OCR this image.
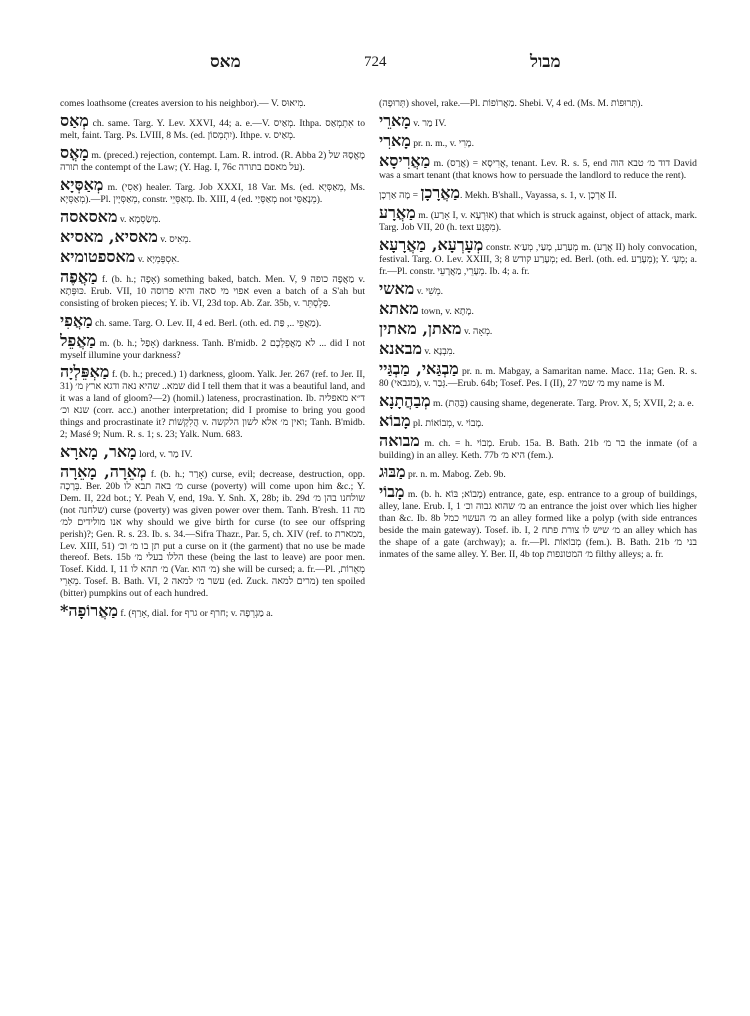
מאס	724	מבול

comes loathsome (creates aversion to his neighbor).— V. מִיאוּס.

מְאַס ch. same. Targ. Y. Lev. XXVI, 44; a. e.—V. מְאַיס. Ithpa. אִתְמְאַס to melt, faint. Targ. Ps. LVIII, 8 Ms. (ed. יִתְמְסוֹן). Ithpe. v. מְאַיס.

מָאֳס m. (preced.) rejection, contempt. Lam. R. introd. (R. Abba 2) מָאֳסָהּ של תורה the contempt of the Law; (Y. Hag. I, 76c על מאסם בתורה).

מְאַסְּיָא m. (אַסִי) healer. Targ. Job XXXI, 18 Var. Ms. (ed. מְאַסְּיָא, Ms. מְאַסְּיָא).—Pl. מְאַסְּיָין, constr. מְאַסְּיֵי. Ib. XIII, 4 (ed. מְאַסְּיַי not מְנָאַסֵּי).

מאסאסה v. מְשַׂסְמָא.

מאסיא, מאסיא v. מְאִיס.

מאספטומיא v. אִסְפְּמְיָא.

מַאֲפֶה f. (b. h.; אָפָה) something baked, batch. Men. V, 9 מַאֲפֶה כופה v. כּוּפְּתָא. Erub. VII, 10 אפוי מי סאה והיא פרוסה even a batch of a S'ah but consisting of broken pieces; Y. ib. VI, 23d top. Ab. Zar. 35b, v. פַּלְסְתֵּר.

מַאֲפִי ch. same. Targ. O. Lev. II, 4 ed. Berl. (oth. ed. מַאֲפֵי .., פַּת).

מַאֲפֵל m. (b. h.; אָפַל) darkness. Tanh. B'midb. 2 לא מַאֲפֵלְכֶם ... did I not myself illumine your darkness?

מַאְפֵּלְיָה f. (b. h.; preced.) 1) darkness, gloom. Yalk. Jer. 267 (ref. to Jer. II, 31) שמא.. שהיא נאה ודגא ארץ מ׳ did I tell them that it was a beautiful land, and it was a land of gloom?—2) (homil.) lateness, procrastination. Ib. ד״א מאפליה שנא וכ׳ (corr. acc.) another interpretation; did I promise to bring you good things and procrastinate it? הֲלִקְשׁוֹת v. ואין מ׳ אלא לשון הלקשה; Tanh. B'midb. 2; Masé 9; Num. R. s. 1; s. 23; Yalk. Num. 683.

מָאר, מָארָא lord, v. מַר IV.

מְאֵרָה, מָאֵרָה f. (b. h.; אָרַר) curse, evil; decrease, destruction, opp. בְּרָכָה. Ber. 20b מ׳ באה תבא לו curse (poverty) will come upon him &c.; Y. Dem. II, 22d bot.; Y. Peah V, end, 19a. Y. Snh. X, 28b; ib. 29d שולחנו בהן מ׳ (not שלחנה) curse (poverty) was given power over them. Tanh. B'resh. 11 מה אנו מולידים למ׳ why should we give birth for curse (to see our offspring perish)?; Gen. R. s. 23. Ib. s. 34.—Sifra Thazr., Par. 5, ch. XIV (ref. to ממארת, Lev. XIII, 51) תן בו מ׳ וכ׳ put a curse on it (the garment) that no use be made thereof. Bets. 15b הללו בעלי מ׳ these (being the last to leave) are poor men. Tosef. Kidd. I, 11 מ׳ תהא לו (Var. מ׳ הוא) she will be cursed; a. fr.—Pl. מְאֵרוֹת, מְאֵרֵי. Tosef. B. Bath. VI, 2 עשר מ׳ למאה (ed. Zuck. מרים למאה) ten spoiled (bitter) pumpkins out of each hundred.

*מַאֲרוֹפָה f. (אָרַף, dial. for גרף or חרף; v. מַגְרֵפָה a.

(תְּרוּפָה) shovel, rake.—Pl. מַאֲרוֹפוֹת. Shebi. V, 4 ed. (Ms. M. תְּרוּפוֹת).

מָארֵי v. מַר IV.

מָארִי pr. n. m., v. מָרִי.

מַאֲרִיסָא m. (אֲרַס) = אֲרִיסָא, tenant. Lev. R. s. 5, end דוד מ׳ טבא הוה David was a smart tenant (that knows how to persuade the landlord to reduce the rent).

מַאֲרָכָן = מָה אַרְכָן. Mekh. B'shall., Vayassa, s. 1, v. אַרְכָן II.

מַאֲרָע m. (אָרַע I, v. אוּרְעָא) that which is struck against, object of attack, mark. Targ. Job VII, 20 (h. text מִפְגָּע).

מְעָרְעָא, מַאֲרָעָא constr. מְעַרַע, מָעַי, מְעַ׳א m. (אֲרַע II) holy convocation, festival. Targ. O. Lev. XXIII, 3; 8 מְעָרַע קודש; ed. Berl. (oth. ed. מְעָרַע); Y. מְעָ׳; a. fr.—Pl. constr. מְעָרֵי, מַאֲרָעֵי. Ib. 4; a. fr.

מאשי v. מְשִׁי.

מאתא town, v. מָתָא.

מאתן, מאתין v. מְאָה.

מבאנא v. מִבְנָא.

מַבְגַּאי, מַבְגַּיי pr. n. m. Mabgay, a Samaritan name. Macc. 11a; Gen. R. s. 80 (מגבאי), v. גְּבַר.—Erub. 64b; Tosef. Pes. I (II), 27 מ׳ שמי my name is M.

מְבַהֲתָנָא m. (בְּהַת) causing shame, degenerate. Targ. Prov. X, 5; XVII, 2; a. e.

מָבוֹא pl. מְבוֹאוֹת, v. מָבוֹי.

מבואה m. ch. = h. מָבוֹי. Erub. 15a. B. Bath. 21b בר מ׳ the inmate (of a building) in an alley. Keth. 77b היא מ׳ (fem.).

מַבּוּג pr. n. m. Mabog. Zeb. 9b.

מָבוֹי m. (b. h. מָבוֹא; בּוֹא) entrance, gate, esp. entrance to a group of buildings, alley, lane. Erub. I, 1 מ׳ שהוא גבוה וכ׳ an entrance the joist over which lies higher than &c. Ib. 8b מ׳ העשוי כמל an alley formed like a polyp (with side entrances beside the main gateway). Tosef. ib. I, 2 מ׳ שיש לו צורת פתח an alley which has the shape of a gate (archway); a. fr.—Pl. מְבוֹאוֹת (fem.). B. Bath. 21b בני מ׳ inmates of the same alley. Y. Ber. II, 4b top מ׳ המטונפות filthy alleys; a. fr.
